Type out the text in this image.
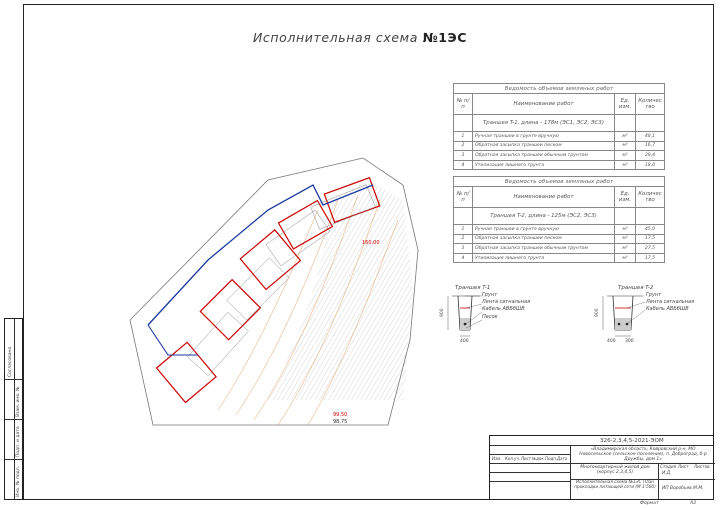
Исполнительная схема №1ЭС
160,00
99,50
98,75
Ведомость объемов земляных работ			
№ п/п	Наименование работ	Ед. изм.	Количес тво
	Траншея T-1, длина - 178м (ЭС1, ЭС2, ЭС3)		
1	Ручная траншеи в грунте вручную	м³	48,1
2	Обратная засыпка траншеи песком	м³	16,7
3	Обратная засыпка траншеи обычным грунтом	м³	29,4
4	Утилизация лишнего грунта	м³	18,0
Ведомость объемов земляных работ			
№ п/п	Наименование работ	Ед. изм.	Количес тво
	Траншея T-2, длина - 125м (ЭС2, ЭС3)		
1	Ручная траншеи в грунте вручную	м³	45,0
2	Обратная засыпка траншеи песком	м³	17,5
3	Обратная засыпка траншеи обычным грунтом	м³	27,5
4	Утилизация лишнего грунта	м³	17,5
Траншея T-1
900
400
Грунт
Лента сигнальная
Кабель АВБбШВ
Песок
Траншея T-2
900
400 300
Грунт
Лента сигнальная
Кабель АВБбШВ
Согласовано
Взам. инв. №
Подп. и дата
Инв. № подл.
326-2,3,4,5-2021-ЭОМ
«Владимирская область, Ковровский р-н, МО Новосельское (сельское поселение), п. Доброград, б-р Дружбы, дом 1»
Многоквартирный жилой дом (корпус 2,3,4,5)
Стадия Лист Листов
И.Д.
Исполнительная схема №1ЭС План прокладки питающей сети (М 1:500) ИП Воробьев М.М.
Изм. Кол.уч. Лист №док. Подп. Дата
Формат	А3
